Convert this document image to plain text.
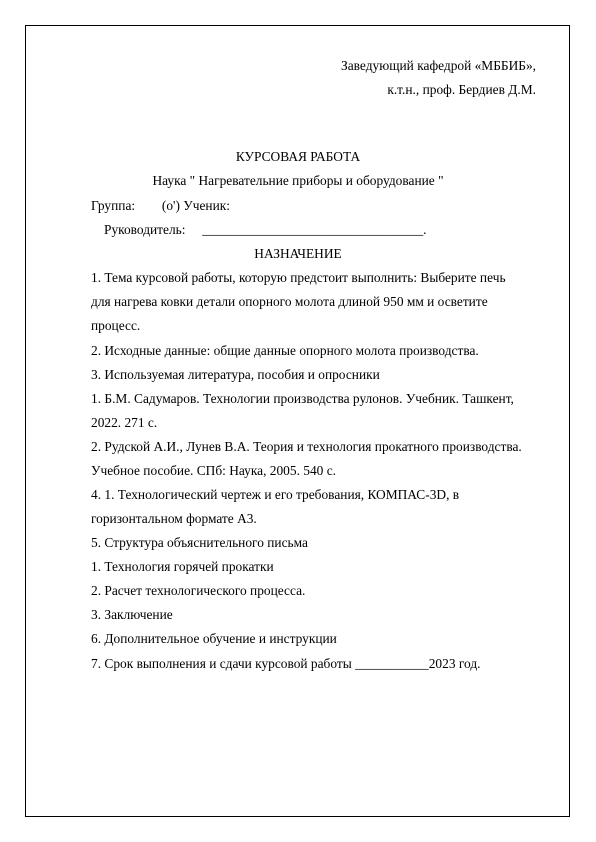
Заведующий кафедрой «МББИБ»,
к.т.н., проф. Бердиев Д.М.
КУРСОВАЯ РАБОТА
Наука " Нагревательние приборы и оборудование "
Группа:        (o') Ученик:
Руководитель:     _________________________________.
НАЗНАЧЕНИЕ
1. Тема курсовой работы, которую предстоит выполнить: Выберите печь
для нагрева ковки детали опорного молота длиной 950 мм и осветите
процесс.
2. Исходные данные: общие данные опорного молота производства.
3. Используемая литература, пособия и опросники
1. Б.М. Садумаров. Технологии производства рулонов. Учебник. Ташкент,
2022. 271 с.
2. Рудской А.И., Лунев В.А. Теория и технология прокатного производства.
Учебное пособие. СПб: Наука, 2005. 540 с.
4. 1. Технологический чертеж и его требования, КОМПАС-3D, в
горизонтальном формате А3.
5. Структура объяснительного письма
1. Технология горячей прокатки
2. Расчет технологического процесса.
3. Заключение
6. Дополнительное обучение и инструкции
7. Срок выполнения и сдачи курсовой работы ___________2023 год.
